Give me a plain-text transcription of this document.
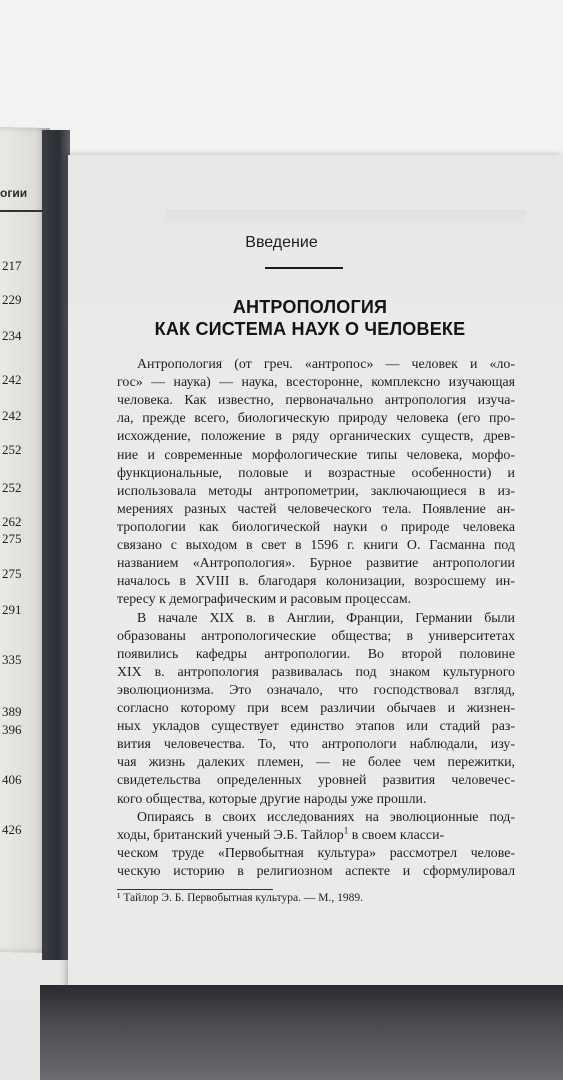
огии
217
229
234
242
242
252
252
262
275
275
291
335
389
396
406
426
Введение
АНТРОПОЛОГИЯ
КАК СИСТЕМА НАУК О ЧЕЛОВЕКЕ
Антропология (от греч. «антропос» — человек и «ло-
гос» — наука) — наука, всесторонне, комплексно изучающая
человека. Как известно, первоначально антропология изуча-
ла, прежде всего, биологическую природу человека (его про-
исхождение, положение в ряду органических существ, древ-
ние и современные морфологические типы человека, морфо-
функциональные, половые и возрастные особенности) и
использовала методы антропометрии, заключающиеся в из-
мерениях разных частей человеческого тела. Появление ан-
тропологии как биологической науки о природе человека
связано с выходом в свет в 1596 г. книги О. Гасманна под
названием «Антропология». Бурное развитие антропологии
началось в XVIII в. благодаря колонизации, возросшему ин-
тересу к демографическим и расовым процессам.
В начале XIX в. в Англии, Франции, Германии были
образованы антропологические общества; в университетах
появились кафедры антропологии. Во второй половине
XIX в. антропология развивалась под знаком культурного
эволюционизма. Это означало, что господствовал взгляд,
согласно которому при всем различии обычаев и жизнен-
ных укладов существует единство этапов или стадий раз-
вития человечества. То, что антропологи наблюдали, изу-
чая жизнь далеких племен, — не более чем пережитки,
свидетельства определенных уровней развития человечес-
кого общества, которые другие народы уже прошли.
Опираясь в своих исследованиях на эволюционные под-
ходы, британский ученый Э.Б. Тайлор$^1$ в своем класси-
ческом труде «Первобытная культура» рассмотрел челове-
ческую историю в религиозном аспекте и сформулировал
¹ Тайлор Э. Б. Первобытная культура. — М., 1989.
